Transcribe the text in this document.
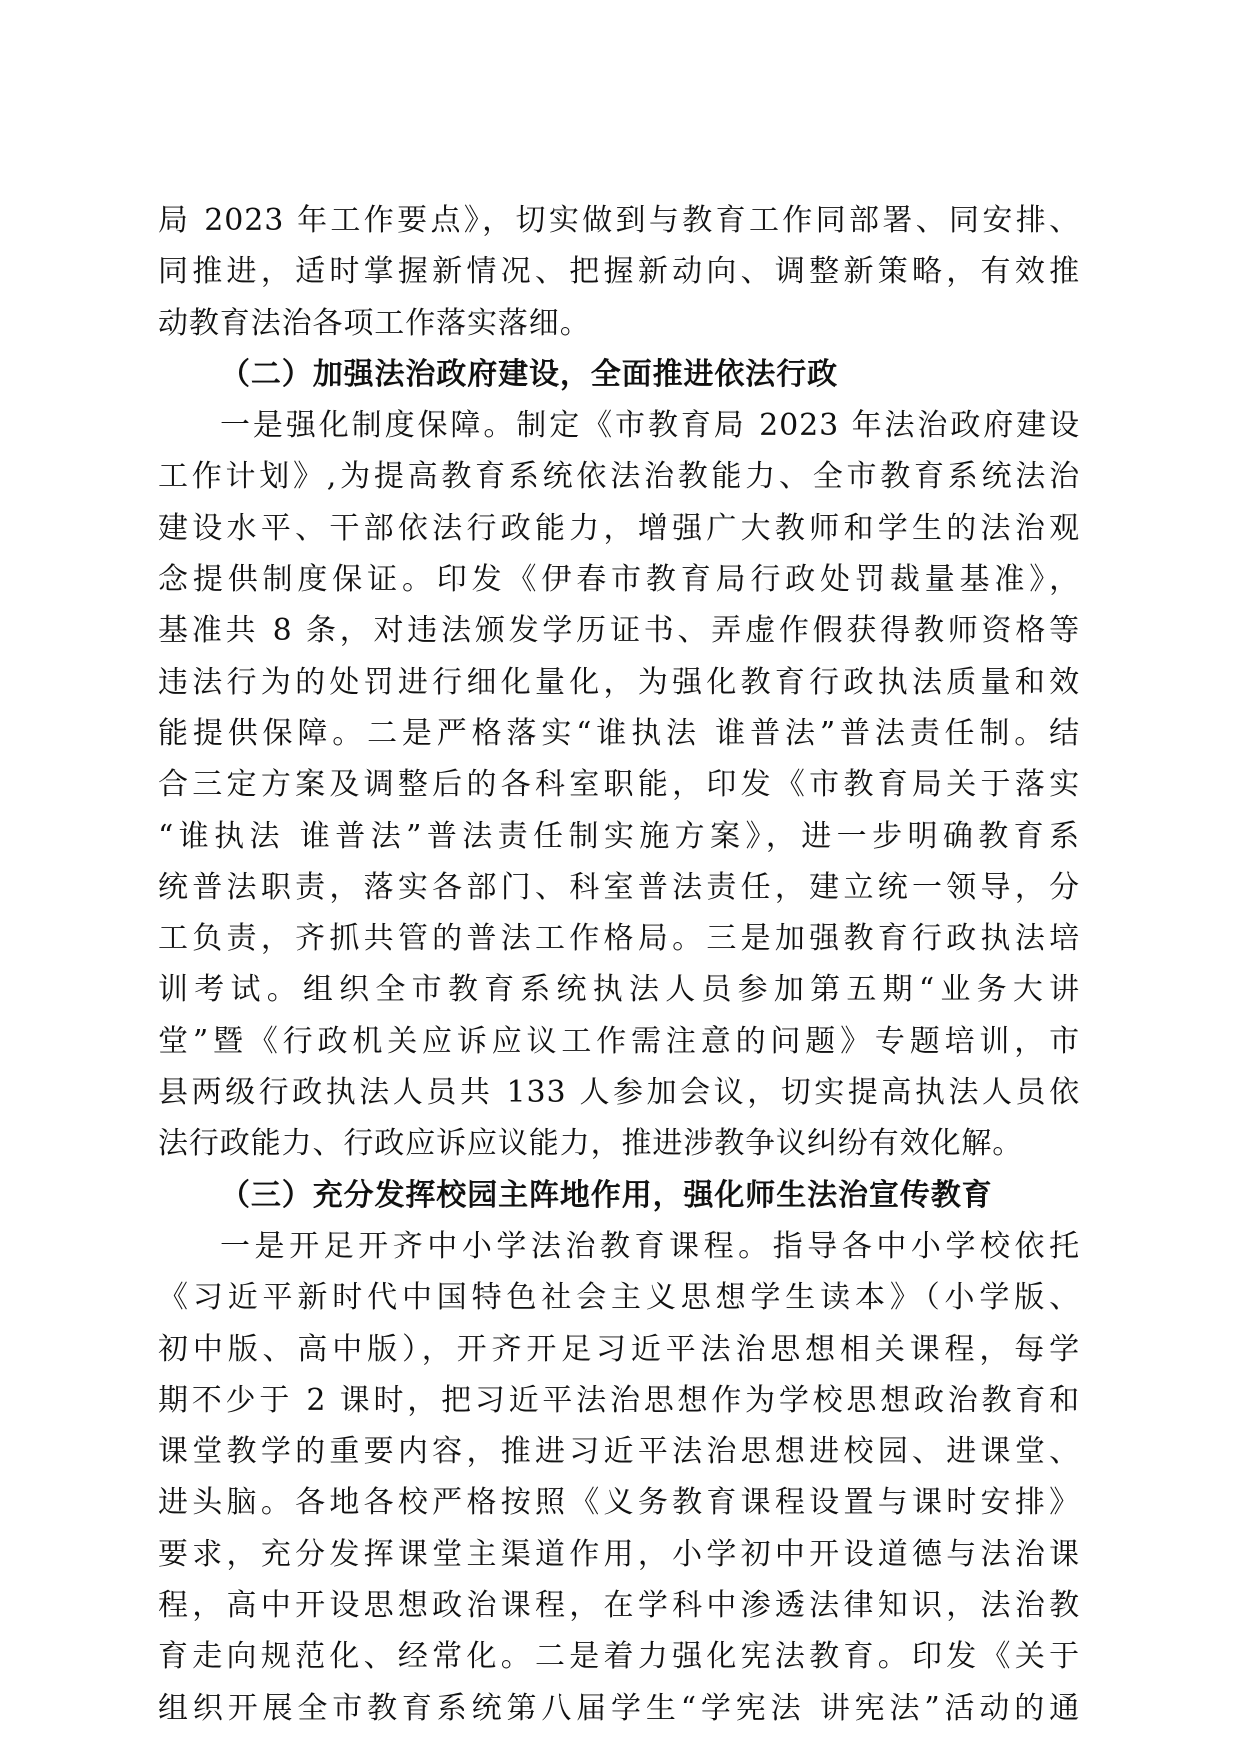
局 2023 年工作要点》，切实做到与教育工作同部署、同安排、
同推进，适时掌握新情况、把握新动向、调整新策略，有效推
动教育法治各项工作落实落细。
（二）加强法治政府建设，全面推进依法行政
一是强化制度保障。制定《市教育局 2023 年法治政府建设
工作计划》,为提高教育系统依法治教能力、全市教育系统法治
建设水平、干部依法行政能力，增强广大教师和学生的法治观
念提供制度保证。印发《伊春市教育局行政处罚裁量基准》，
基准共 8 条，对违法颁发学历证书、弄虚作假获得教师资格等
违法行为的处罚进行细化量化，为强化教育行政执法质量和效
能提供保障。二是严格落实“谁执法 谁普法”普法责任制。结
合三定方案及调整后的各科室职能，印发《市教育局关于落实
“谁执法 谁普法”普法责任制实施方案》，进一步明确教育系
统普法职责，落实各部门、科室普法责任，建立统一领导，分
工负责，齐抓共管的普法工作格局。三是加强教育行政执法培
训考试。组织全市教育系统执法人员参加第五期“业务大讲
堂”暨《行政机关应诉应议工作需注意的问题》专题培训，市
县两级行政执法人员共 133 人参加会议，切实提高执法人员依
法行政能力、行政应诉应议能力，推进涉教争议纠纷有效化解。
（三）充分发挥校园主阵地作用，强化师生法治宣传教育
一是开足开齐中小学法治教育课程。指导各中小学校依托
《习近平新时代中国特色社会主义思想学生读本》（小学版、
初中版、高中版），开齐开足习近平法治思想相关课程，每学
期不少于 2 课时，把习近平法治思想作为学校思想政治教育和
课堂教学的重要内容，推进习近平法治思想进校园、进课堂、
进头脑。各地各校严格按照《义务教育课程设置与课时安排》
要求，充分发挥课堂主渠道作用，小学初中开设道德与法治课
程，高中开设思想政治课程，在学科中渗透法律知识，法治教
育走向规范化、经常化。二是着力强化宪法教育。印发《关于
组织开展全市教育系统第八届学生“学宪法 讲宪法”活动的通
